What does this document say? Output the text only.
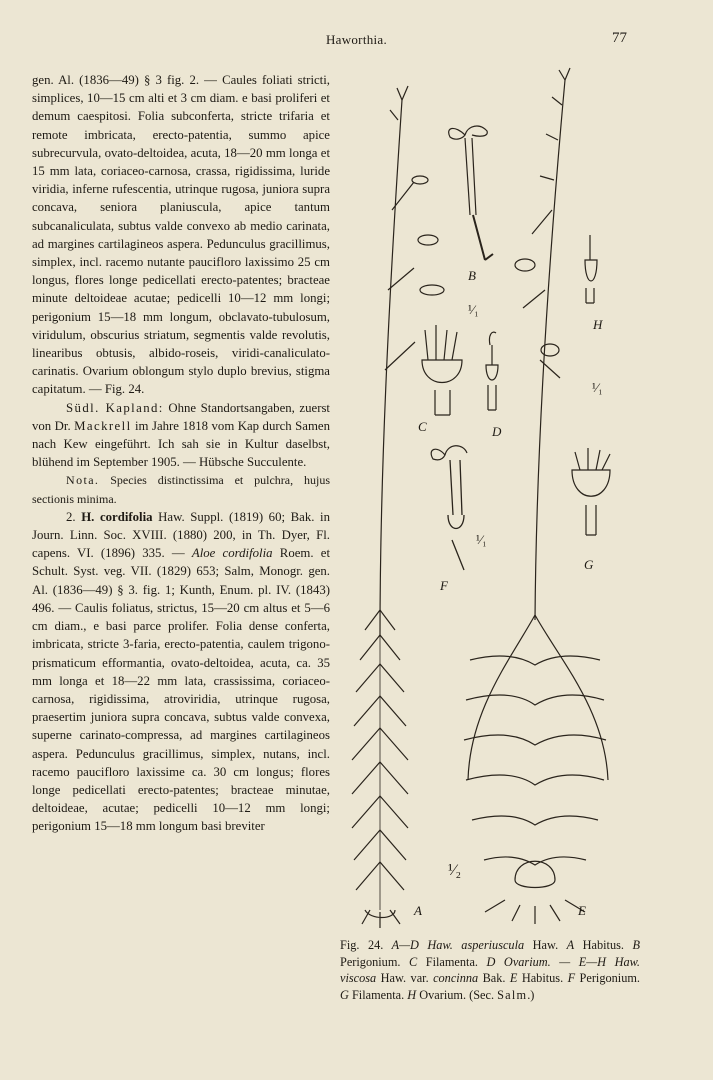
Haworthia.	77

gen. Al. (1836—49) § 3 fig. 2. — Caules foliati stricti, simplices, 10—15 cm alti et 3 cm diam. e basi proliferi et demum caespitosi. Folia subconferta, stricte trifaria et remote imbricata, erecto-patentia, summo apice subrecurvula, ovato-deltoidea, acuta, 18—20 mm longa et 15 mm lata, coriaceo-carnosa, crassa, rigidissima, luride viridia, inferne rufescentia, utrinque rugosa, juniora supra concava, seniora planiuscula, apice tantum subcanaliculata, subtus valde convexo ab medio carinata, ad margines cartilagineos aspera. Pedunculus gracillimus, simplex, incl. racemo nutante paucifloro laxissimo 25 cm longus, flores longe pedicellati erecto-patentes; bracteae minute deltoideae acutae; pedicelli 10—12 mm longi; perigonium 15—18 mm longum, obclavato-tubulosum, viridulum, obscurius striatum, segmentis valde revolutis, linearibus obtusis, albido-roseis, viridi-canaliculato-carinatis. Ovarium oblongum stylo duplo brevius, stigma capitatum. — Fig. 24.

Südl. Kapland: Ohne Standortsangaben, zuerst von Dr. Mackrell im Jahre 1818 vom Kap durch Samen nach Kew eingeführt. Ich sah sie in Kultur daselbst, blühend im September 1905. — Hübsche Succulente.

Nota. Species distinctissima et pulchra, hujus sectionis minima.

2. H. cordifolia Haw. Suppl. (1819) 60; Bak. in Journ. Linn. Soc. XVIII. (1880) 200, in Th. Dyer, Fl. capens. VI. (1896) 335. — Aloe cordifolia Roem. et Schult. Syst. veg. VII. (1829) 653; Salm, Monogr. gen. Al. (1836—49) § 3. fig. 1; Kunth, Enum. pl. IV. (1843) 496. — Caulis foliatus, strictus, 15—20 cm altus et 5—6 cm diam., e basi parce prolifer. Folia dense conferta, imbricata, stricte 3-faria, erecto-patentia, caulem trigono-prismaticum efformantia, ovato-deltoidea, acuta, ca. 35 mm longa et 18—22 mm lata, crassissima, coriaceo-carnosa, rigidissima, atroviridia, utrinque rugosa, praesertim juniora supra concava, subtus valde convexa, superne carinato-compressa, ad margines cartilagineos aspera. Pedunculus gracillimus, simplex, nutans, incl. racemo paucifloro laxissime ca. 30 cm longus; flores longe pedicellati erecto-patentes; bracteae minutae, deltoideae, acutae; pedicelli 10—12 mm longi; perigonium 15—18 mm longum basi breviter

A
B
C	D
E
F
G
H
¹⁄₁
¹⁄₁
¹⁄₁
¹⁄₂
Fig. 24. A—D Haw. asperiuscula Haw. A Habitus. B Perigonium. C Filamenta. D Ovarium. — E—H Haw. viscosa Haw. var. concinna Bak. E Habitus. F Perigonium. G Filamenta. H Ovarium. (Sec. Salm.)
